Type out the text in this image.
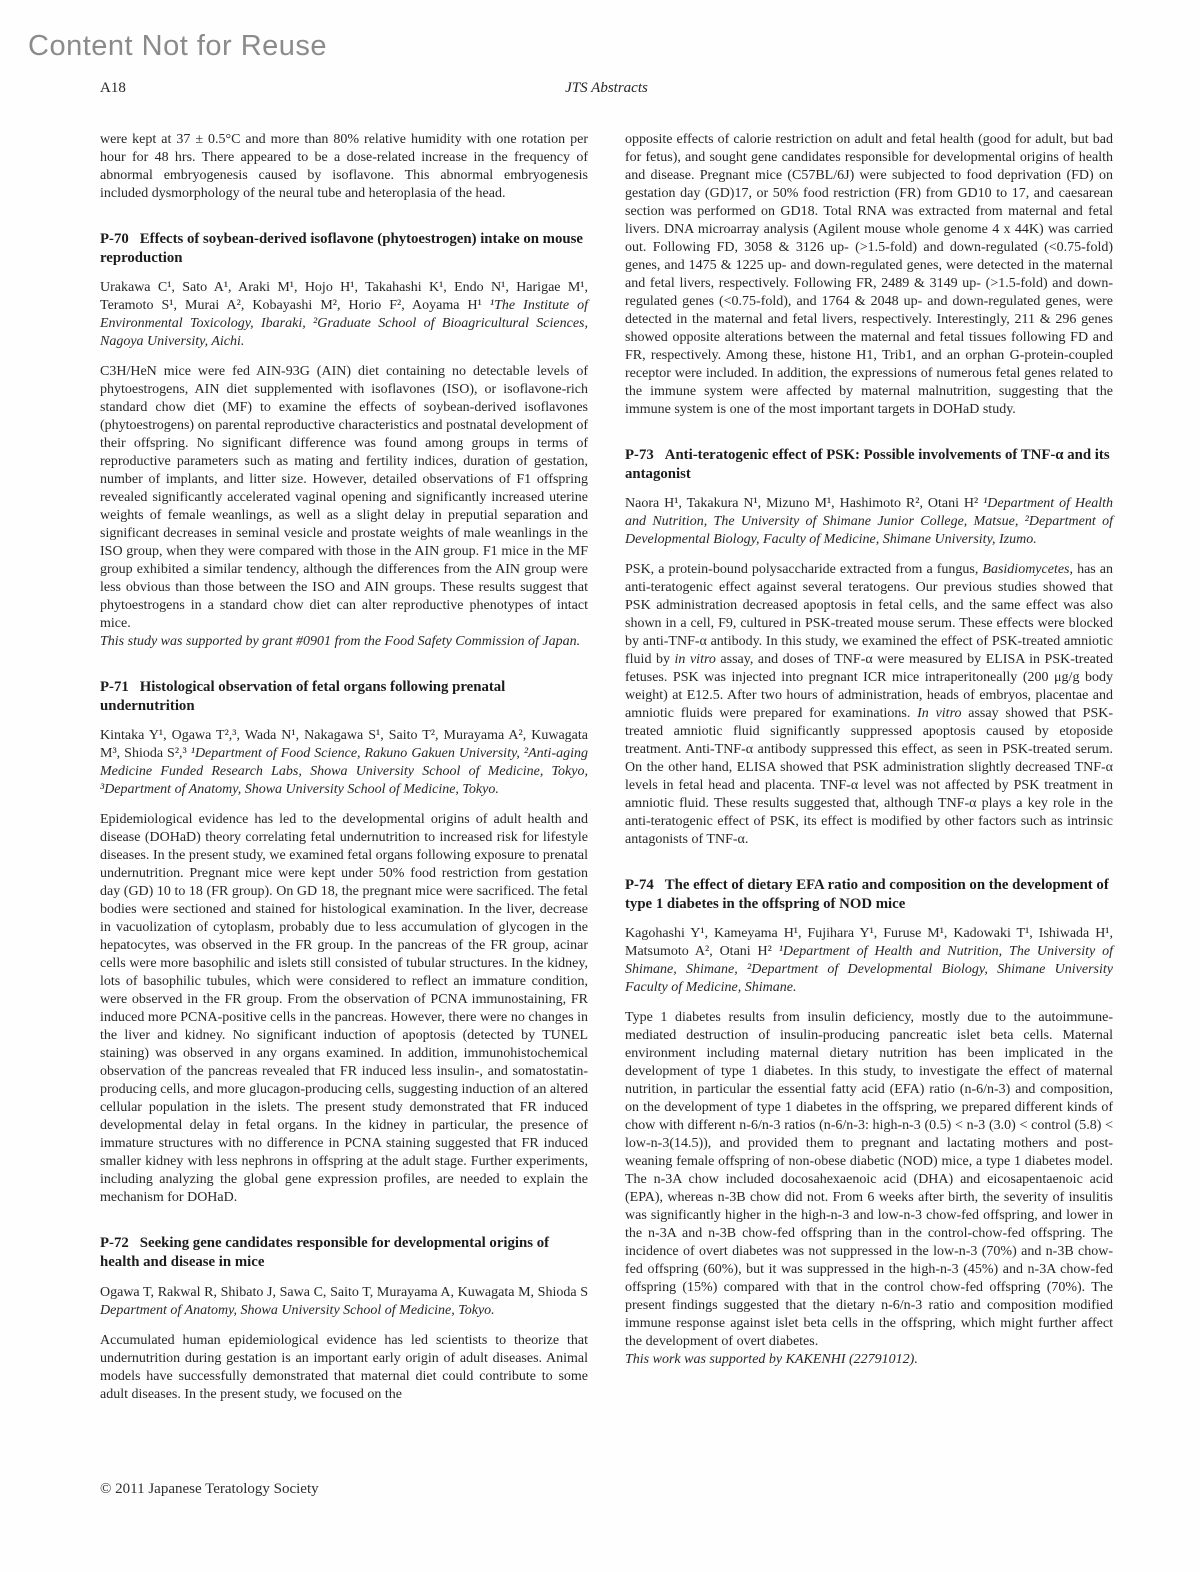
Content Not for Reuse
A18	JTS Abstracts

were kept at 37 ± 0.5°C and more than 80% relative humidity with one rotation per hour for 48 hrs. There appeared to be a dose-related increase in the frequency of abnormal embryogenesis caused by isoflavone. This abnormal embryogenesis included dysmorphology of the neural tube and heteroplasia of the head.

P-70 Effects of soybean-derived isoflavone (phytoestrogen) intake on mouse reproduction

Urakawa C¹, Sato A¹, Araki M¹, Hojo H¹, Takahashi K¹, Endo N¹, Harigae M¹, Teramoto S¹, Murai A², Kobayashi M², Horio F², Aoyama H¹ ¹The Institute of Environmental Toxicology, Ibaraki, ²Graduate School of Bioagricultural Sciences, Nagoya University, Aichi.

C3H/HeN mice were fed AIN-93G (AIN) diet containing no detectable levels of phytoestrogens, AIN diet supplemented with isoflavones (ISO), or isoflavone-rich standard chow diet (MF) to examine the effects of soybean-derived isoflavones (phytoestrogens) on parental reproductive characteristics and postnatal development of their offspring. No significant difference was found among groups in terms of reproductive parameters such as mating and fertility indices, duration of gestation, number of implants, and litter size. However, detailed observations of F1 offspring revealed significantly accelerated vaginal opening and significantly increased uterine weights of female weanlings, as well as a slight delay in preputial separation and significant decreases in seminal vesicle and prostate weights of male weanlings in the ISO group, when they were compared with those in the AIN group. F1 mice in the MF group exhibited a similar tendency, although the differences from the AIN group were less obvious than those between the ISO and AIN groups. These results suggest that phytoestrogens in a standard chow diet can alter reproductive phenotypes of intact mice.

This study was supported by grant #0901 from the Food Safety Commission of Japan.

P-71 Histological observation of fetal organs following prenatal undernutrition

Kintaka Y¹, Ogawa T²,³, Wada N¹, Nakagawa S¹, Saito T², Murayama A², Kuwagata M³, Shioda S²,³ ¹Department of Food Science, Rakuno Gakuen University, ²Anti-aging Medicine Funded Research Labs, Showa University School of Medicine, Tokyo, ³Department of Anatomy, Showa University School of Medicine, Tokyo.

Epidemiological evidence has led to the developmental origins of adult health and disease (DOHaD) theory correlating fetal undernutrition to increased risk for lifestyle diseases. In the present study, we examined fetal organs following exposure to prenatal undernutrition. Pregnant mice were kept under 50% food restriction from gestation day (GD) 10 to 18 (FR group). On GD 18, the pregnant mice were sacrificed. The fetal bodies were sectioned and stained for histological examination. In the liver, decrease in vacuolization of cytoplasm, probably due to less accumulation of glycogen in the hepatocytes, was observed in the FR group. In the pancreas of the FR group, acinar cells were more basophilic and islets still consisted of tubular structures. In the kidney, lots of basophilic tubules, which were considered to reflect an immature condition, were observed in the FR group. From the observation of PCNA immunostaining, FR induced more PCNA-positive cells in the pancreas. However, there were no changes in the liver and kidney. No significant induction of apoptosis (detected by TUNEL staining) was observed in any organs examined. In addition, immunohistochemical observation of the pancreas revealed that FR induced less insulin-, and somatostatin-producing cells, and more glucagon-producing cells, suggesting induction of an altered cellular population in the islets. The present study demonstrated that FR induced developmental delay in fetal organs. In the kidney in particular, the presence of immature structures with no difference in PCNA staining suggested that FR induced smaller kidney with less nephrons in offspring at the adult stage. Further experiments, including analyzing the global gene expression profiles, are needed to explain the mechanism for DOHaD.

P-72 Seeking gene candidates responsible for developmental origins of health and disease in mice

Ogawa T, Rakwal R, Shibato J, Sawa C, Saito T, Murayama A, Kuwagata M, Shioda S Department of Anatomy, Showa University School of Medicine, Tokyo.

Accumulated human epidemiological evidence has led scientists to theorize that undernutrition during gestation is an important early origin of adult diseases. Animal models have successfully demonstrated that maternal diet could contribute to some adult diseases. In the present study, we focused on the

opposite effects of calorie restriction on adult and fetal health (good for adult, but bad for fetus), and sought gene candidates responsible for developmental origins of health and disease. Pregnant mice (C57BL/6J) were subjected to food deprivation (FD) on gestation day (GD)17, or 50% food restriction (FR) from GD10 to 17, and caesarean section was performed on GD18. Total RNA was extracted from maternal and fetal livers. DNA microarray analysis (Agilent mouse whole genome 4 x 44K) was carried out. Following FD, 3058 & 3126 up- (>1.5-fold) and down-regulated (<0.75-fold) genes, and 1475 & 1225 up- and down-regulated genes, were detected in the maternal and fetal livers, respectively. Following FR, 2489 & 3149 up- (>1.5-fold) and down-regulated genes (<0.75-fold), and 1764 & 2048 up- and down-regulated genes, were detected in the maternal and fetal livers, respectively. Interestingly, 211 & 296 genes showed opposite alterations between the maternal and fetal tissues following FD and FR, respectively. Among these, histone H1, Trib1, and an orphan G-protein-coupled receptor were included. In addition, the expressions of numerous fetal genes related to the immune system were affected by maternal malnutrition, suggesting that the immune system is one of the most important targets in DOHaD study.

P-73 Anti-teratogenic effect of PSK: Possible involvements of TNF-α and its antagonist

Naora H¹, Takakura N¹, Mizuno M¹, Hashimoto R², Otani H² ¹Department of Health and Nutrition, The University of Shimane Junior College, Matsue, ²Department of Developmental Biology, Faculty of Medicine, Shimane University, Izumo.

PSK, a protein-bound polysaccharide extracted from a fungus, Basidiomycetes, has an anti-teratogenic effect against several teratogens. Our previous studies showed that PSK administration decreased apoptosis in fetal cells, and the same effect was also shown in a cell, F9, cultured in PSK-treated mouse serum. These effects were blocked by anti-TNF-α antibody. In this study, we examined the effect of PSK-treated amniotic fluid by in vitro assay, and doses of TNF-α were measured by ELISA in PSK-treated fetuses. PSK was injected into pregnant ICR mice intraperitoneally (200 μg/g body weight) at E12.5. After two hours of administration, heads of embryos, placentae and amniotic fluids were prepared for examinations. In vitro assay showed that PSK-treated amniotic fluid significantly suppressed apoptosis caused by etoposide treatment. Anti-TNF-α antibody suppressed this effect, as seen in PSK-treated serum. On the other hand, ELISA showed that PSK administration slightly decreased TNF-α levels in fetal head and placenta. TNF-α level was not affected by PSK treatment in amniotic fluid. These results suggested that, although TNF-α plays a key role in the anti-teratogenic effect of PSK, its effect is modified by other factors such as intrinsic antagonists of TNF-α.

P-74 The effect of dietary EFA ratio and composition on the development of type 1 diabetes in the offspring of NOD mice

Kagohashi Y¹, Kameyama H¹, Fujihara Y¹, Furuse M¹, Kadowaki T¹, Ishiwada H¹, Matsumoto A², Otani H² ¹Department of Health and Nutrition, The University of Shimane, Shimane, ²Department of Developmental Biology, Shimane University Faculty of Medicine, Shimane.

Type 1 diabetes results from insulin deficiency, mostly due to the autoimmune-mediated destruction of insulin-producing pancreatic islet beta cells. Maternal environment including maternal dietary nutrition has been implicated in the development of type 1 diabetes. In this study, to investigate the effect of maternal nutrition, in particular the essential fatty acid (EFA) ratio (n-6/n-3) and composition, on the development of type 1 diabetes in the offspring, we prepared different kinds of chow with different n-6/n-3 ratios (n-6/n-3: high-n-3 (0.5) < n-3 (3.0) < control (5.8) < low-n-3(14.5)), and provided them to pregnant and lactating mothers and post-weaning female offspring of non-obese diabetic (NOD) mice, a type 1 diabetes model. The n-3A chow included docosahexaenoic acid (DHA) and eicosapentaenoic acid (EPA), whereas n-3B chow did not. From 6 weeks after birth, the severity of insulitis was significantly higher in the high-n-3 and low-n-3 chow-fed offspring, and lower in the n-3A and n-3B chow-fed offspring than in the control-chow-fed offspring. The incidence of overt diabetes was not suppressed in the low-n-3 (70%) and n-3B chow-fed offspring (60%), but it was suppressed in the high-n-3 (45%) and n-3A chow-fed offspring (15%) compared with that in the control chow-fed offspring (70%). The present findings suggested that the dietary n-6/n-3 ratio and composition modified immune response against islet beta cells in the offspring, which might further affect the development of overt diabetes.

This work was supported by KAKENHI (22791012).

© 2011 Japanese Teratology Society
